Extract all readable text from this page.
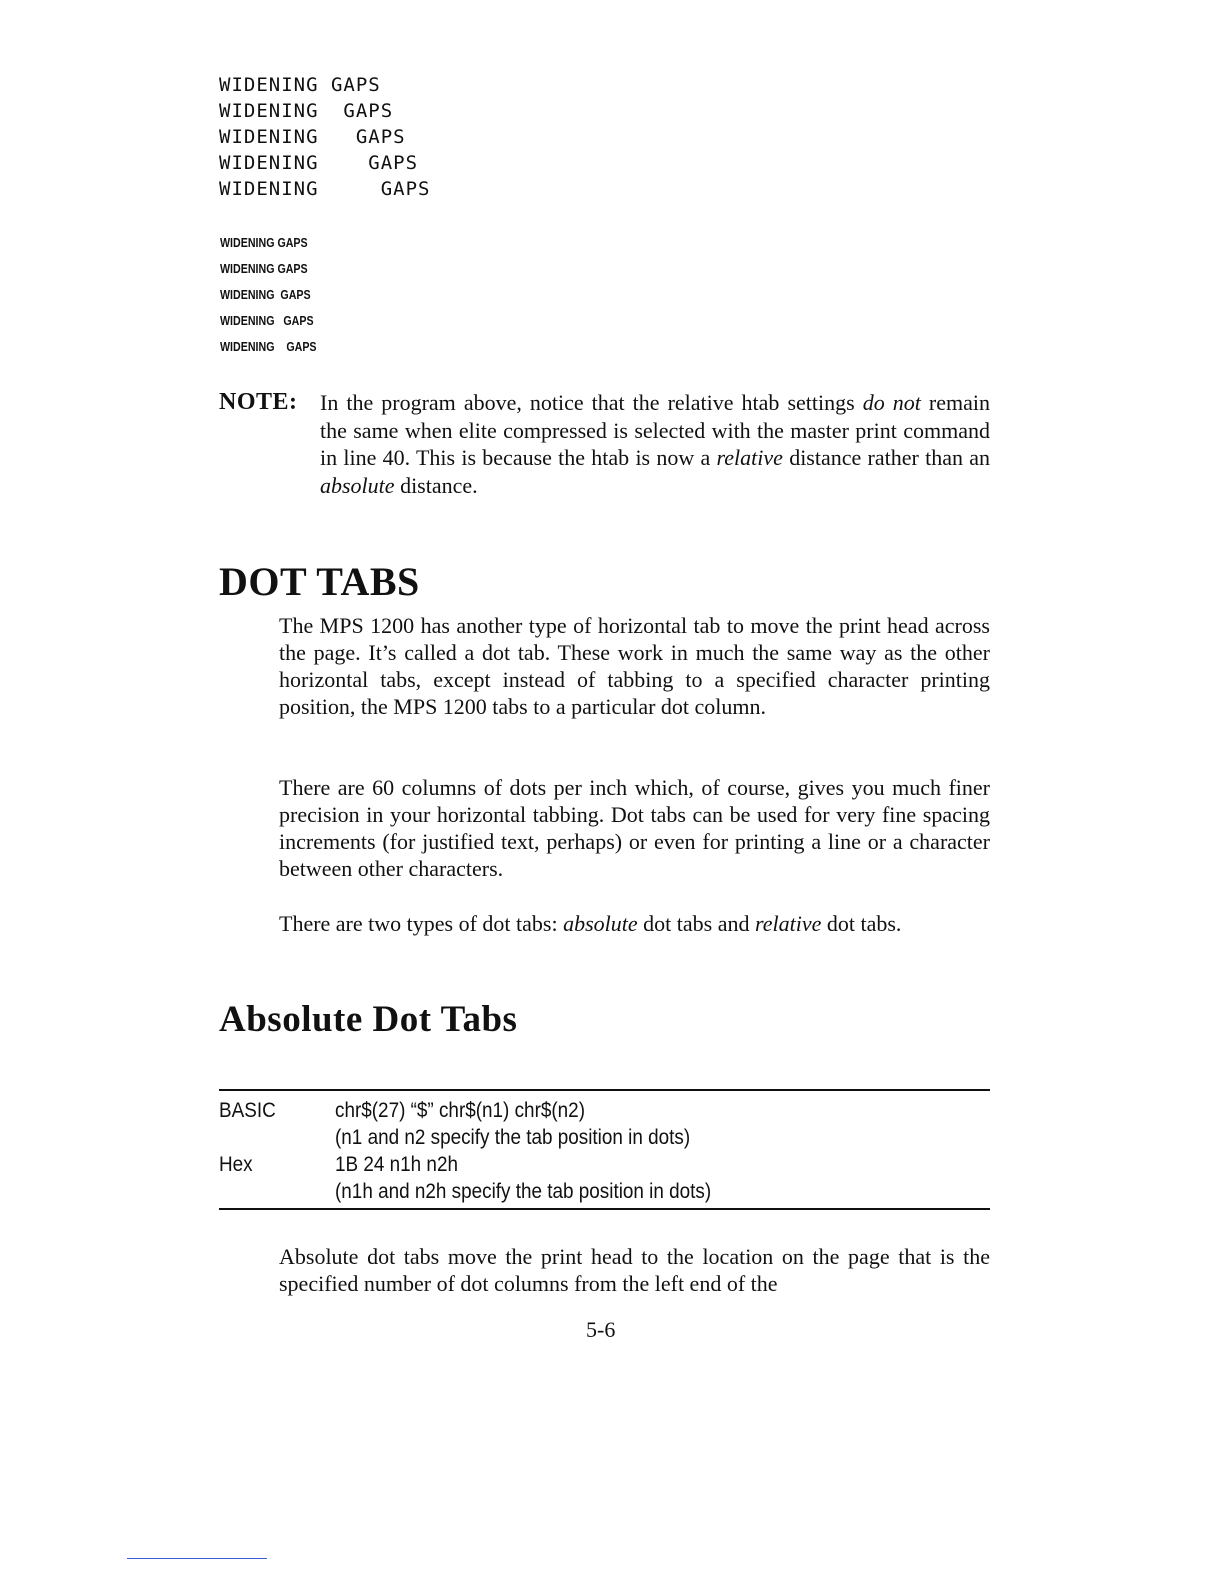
WIDENING GAPS
WIDENING  GAPS
WIDENING   GAPS
WIDENING    GAPS
WIDENING     GAPS
WIDENING GAPS
WIDENING GAPS
WIDENING  GAPS
WIDENING   GAPS
WIDENING    GAPS
NOTE: In the program above, notice that the relative htab settings do not remain the same when elite compressed is selected with the master print command in line 40. This is because the htab is now a relative distance rather than an absolute distance.
DOT TABS

The MPS 1200 has another type of horizontal tab to move the print head across the page. It’s called a dot tab. These work in much the same way as the other horizontal tabs, except instead of tabbing to a specified character printing position, the MPS 1200 tabs to a particular dot column.

There are 60 columns of dots per inch which, of course, gives you much finer precision in your horizontal tabbing. Dot tabs can be used for very fine spacing increments (for justified text, perhaps) or even for printing a line or a character between other characters.

There are two types of dot tabs: absolute dot tabs and relative dot tabs.

Absolute Dot Tabs
BASIC	chr$(27) “$” chr$(n1) chr$(n2)
(n1 and n2 specify the tab position in dots)
Hex	1B 24 n1h n2h
(n1h and n2h specify the tab position in dots)

Absolute dot tabs move the print head to the location on the page that is the specified number of dot columns from the left end of the

5-6
